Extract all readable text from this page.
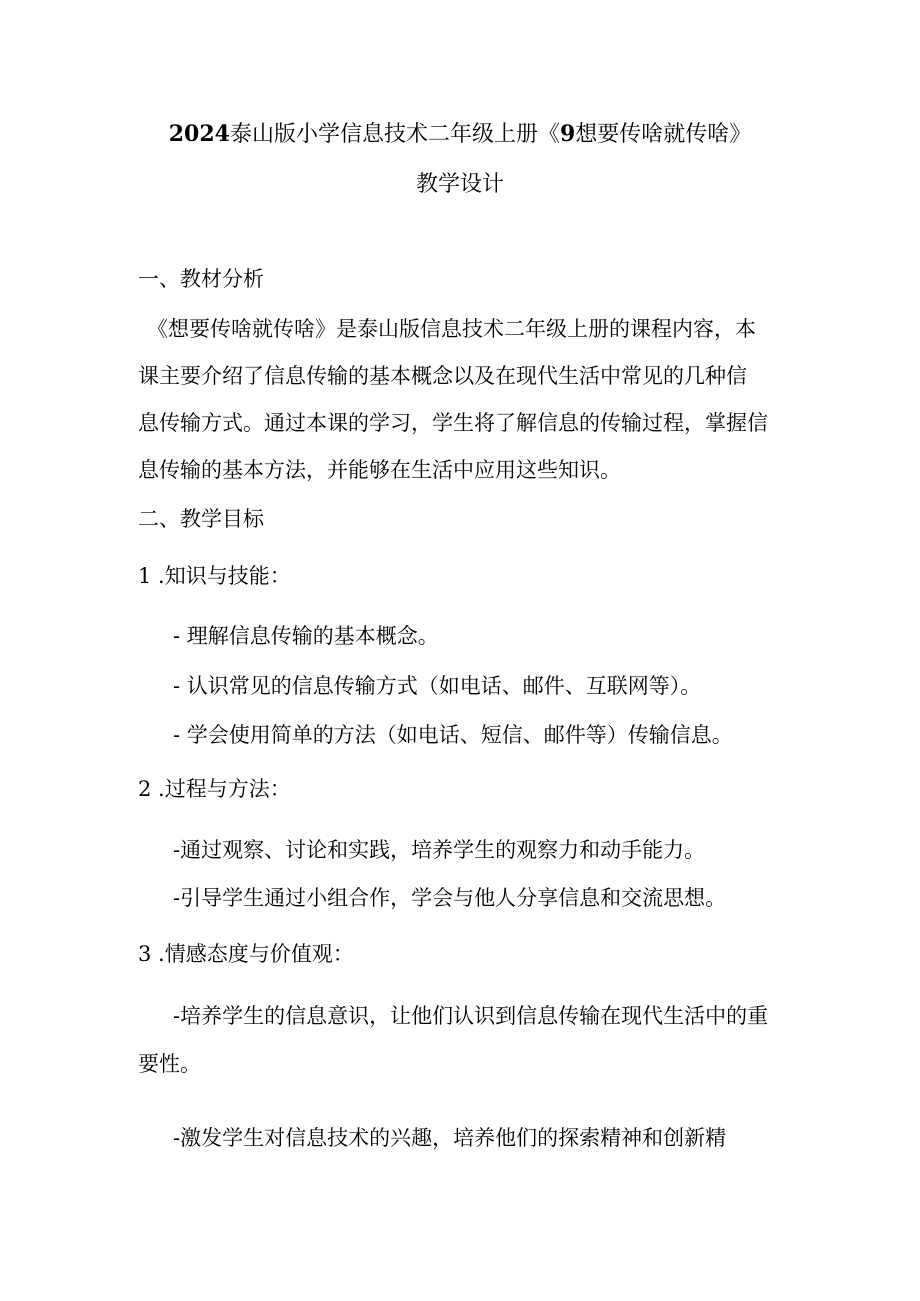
2024泰山版小学信息技术二年级上册《9想要传啥就传啥》
教学设计
一、教材分析
《想要传啥就传啥》是泰山版信息技术二年级上册的课程内容，本
课主要介绍了信息传输的基本概念以及在现代生活中常见的几种信
息传输方式。通过本课的学习，学生将了解信息的传输过程，掌握信
息传输的基本方法，并能够在生活中应用这些知识。
二、教学目标
1 .知识与技能：
- 理解信息传输的基本概念。
- 认识常见的信息传输方式（如电话、邮件、互联网等）。
- 学会使用简单的方法（如电话、短信、邮件等）传输信息。
2 .过程与方法：
-通过观察、讨论和实践，培养学生的观察力和动手能力。
-引导学生通过小组合作，学会与他人分享信息和交流思想。
3 .情感态度与价值观：
-培养学生的信息意识，让他们认识到信息传输在现代生活中的重
要性。
-激发学生对信息技术的兴趣，培养他们的探索精神和创新精
